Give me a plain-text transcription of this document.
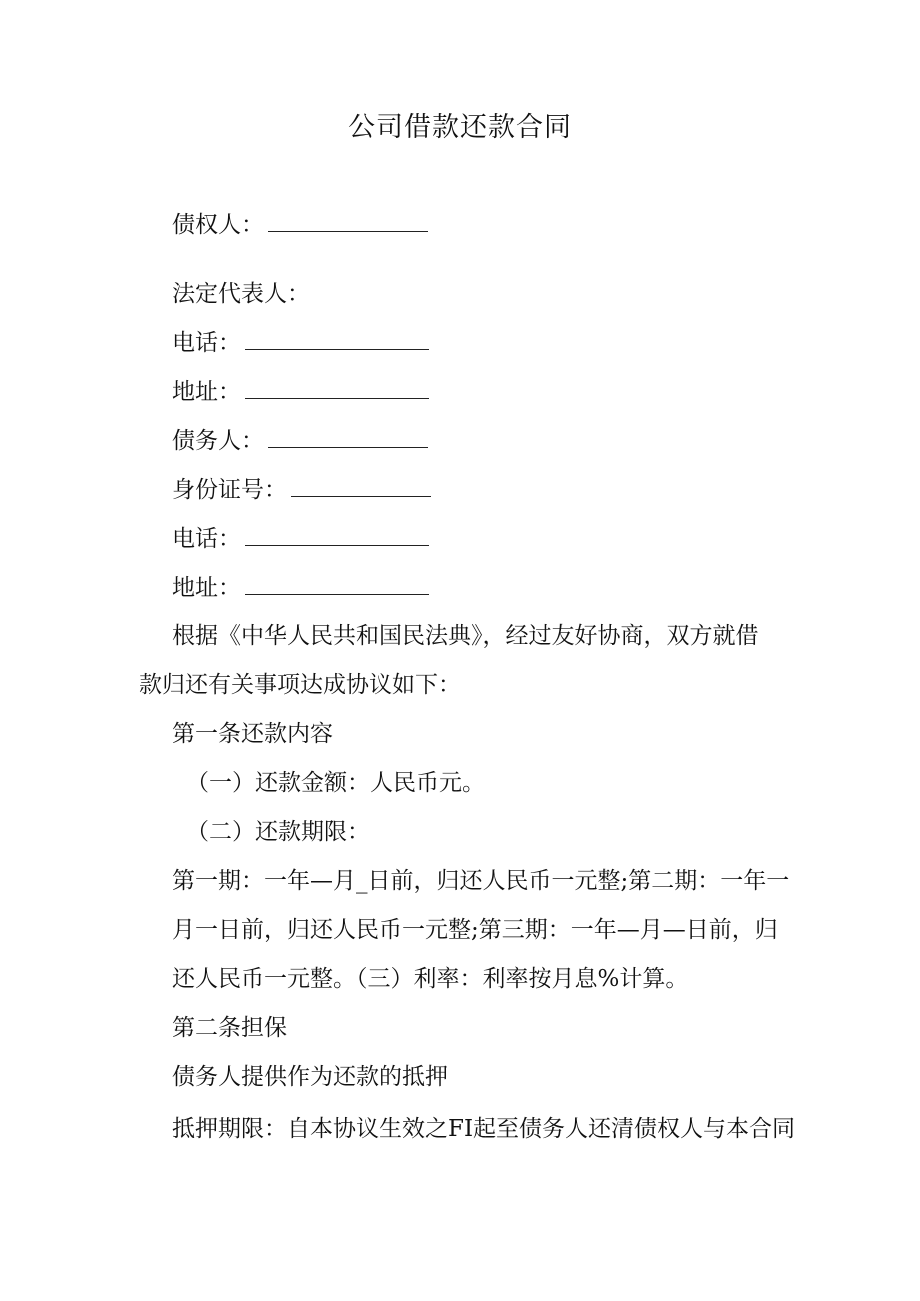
公司借款还款合同
债权人：
法定代表人：
电话：
地址：
债务人：
身份证号：
电话：
地址：
根据《中华人民共和国民法典》，经过友好协商，双方就借
款归还有关事项达成协议如下：
第一条还款内容
（一）还款金额：人民币元。
（二）还款期限：
第一期：一年—月_日前，归还人民币一元整;第二期：一年一
月一日前，归还人民币一元整;第三期：一年—月—日前，归
还人民币一元整。（三）利率：利率按月息%计算。
第二条担保
债务人提供作为还款的抵押
抵押期限：自本协议生效之FI起至债务人还清债权人与本合同
